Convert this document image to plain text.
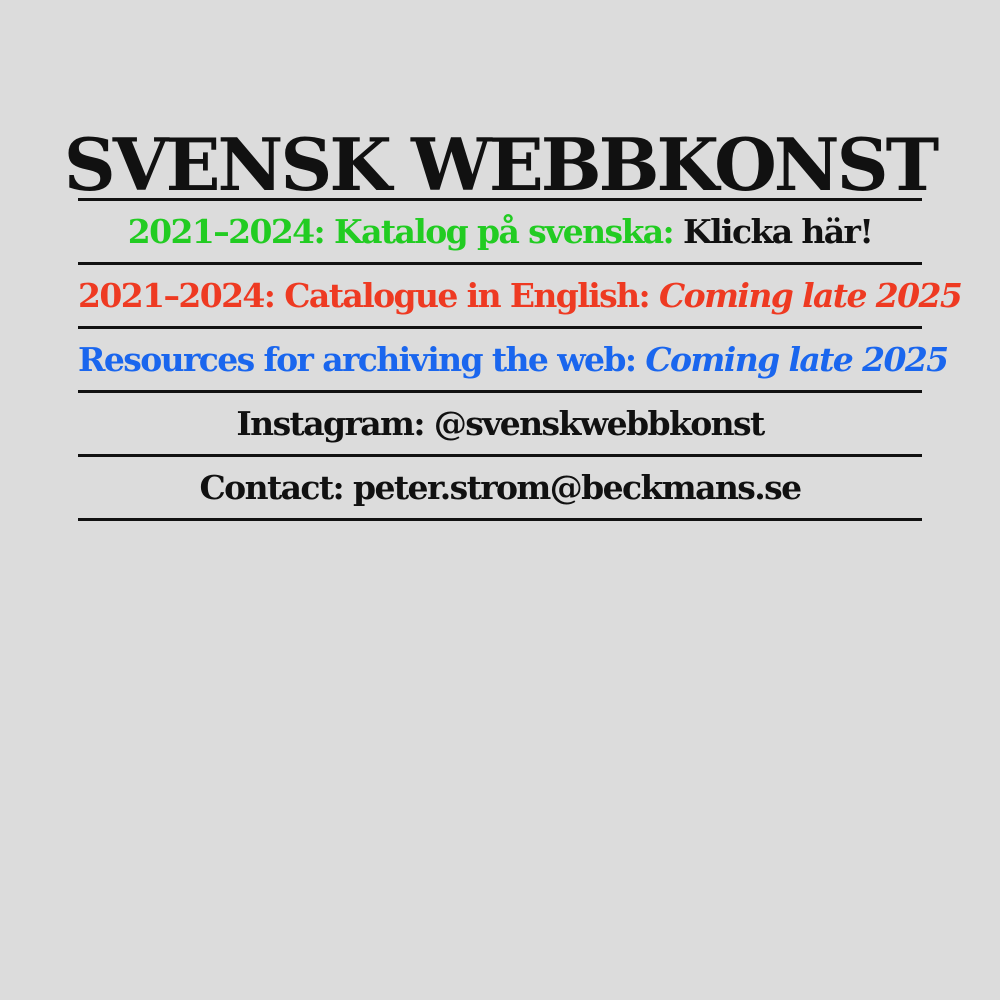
SVENSK WEBBKONST
2021–2024: Katalog på svenska: Klicka här!
2021–2024: Catalogue in English: Coming late 2025
Resources for archiving the web: Coming late 2025
Instagram: @svenskwebbkonst
Contact: peter.strom@beckmans.se
